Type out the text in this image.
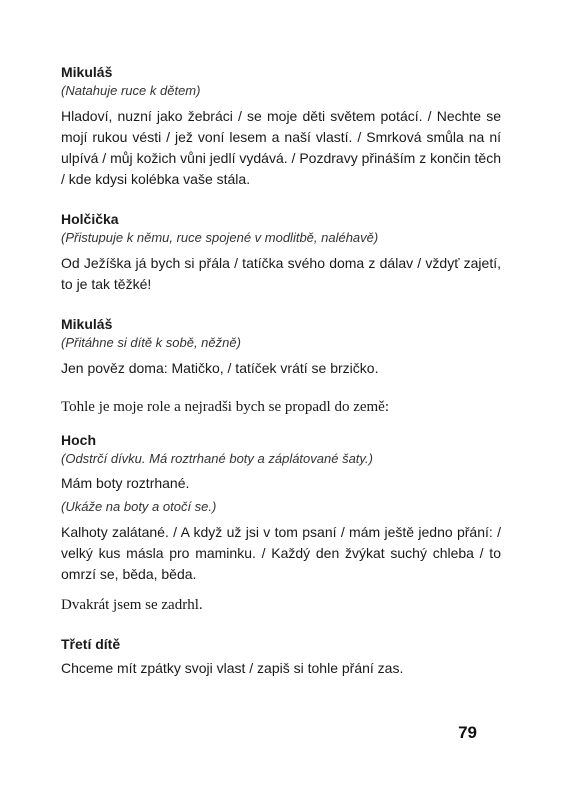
Mikuláš

(Natahuje ruce k dětem)

Hladoví, nuzní jako žebráci / se moje děti světem potácí. / Nechte se mojí rukou vésti / jež voní lesem a naší vlastí. / Smrková smůla na ní ulpívá / můj kožich vůni jedlí vydává. / Pozdravy přináším z končin těch / kde kdysi kolébka vaše stála.

Holčička

(Přistupuje k němu, ruce spojené v modlitbě, naléhavě)

Od Ježíška já bych si přála / tatíčka svého doma z dálav / vždyť zajetí, to je tak těžké!

Mikuláš

(Přitáhne si dítě k sobě, něžně)

Jen pověz doma: Matičko, / tatíček vrátí se brzičko.

Tohle je moje role a nejradši bych se propadl do země:

Hoch

(Odstrčí dívku. Má roztrhané boty a záplátované šaty.)

Mám boty roztrhané.

(Ukáže na boty a otočí se.)

Kalhoty zalátané. / A když už jsi v tom psaní / mám ještě jedno přání: / velký kus másla pro maminku. / Každý den žvýkat suchý chleba / to omrzí se, běda, běda.

Dvakrát jsem se zadrhl.

Třetí dítě

Chceme mít zpátky svoji vlast / zapiš si tohle přání zas.

79
